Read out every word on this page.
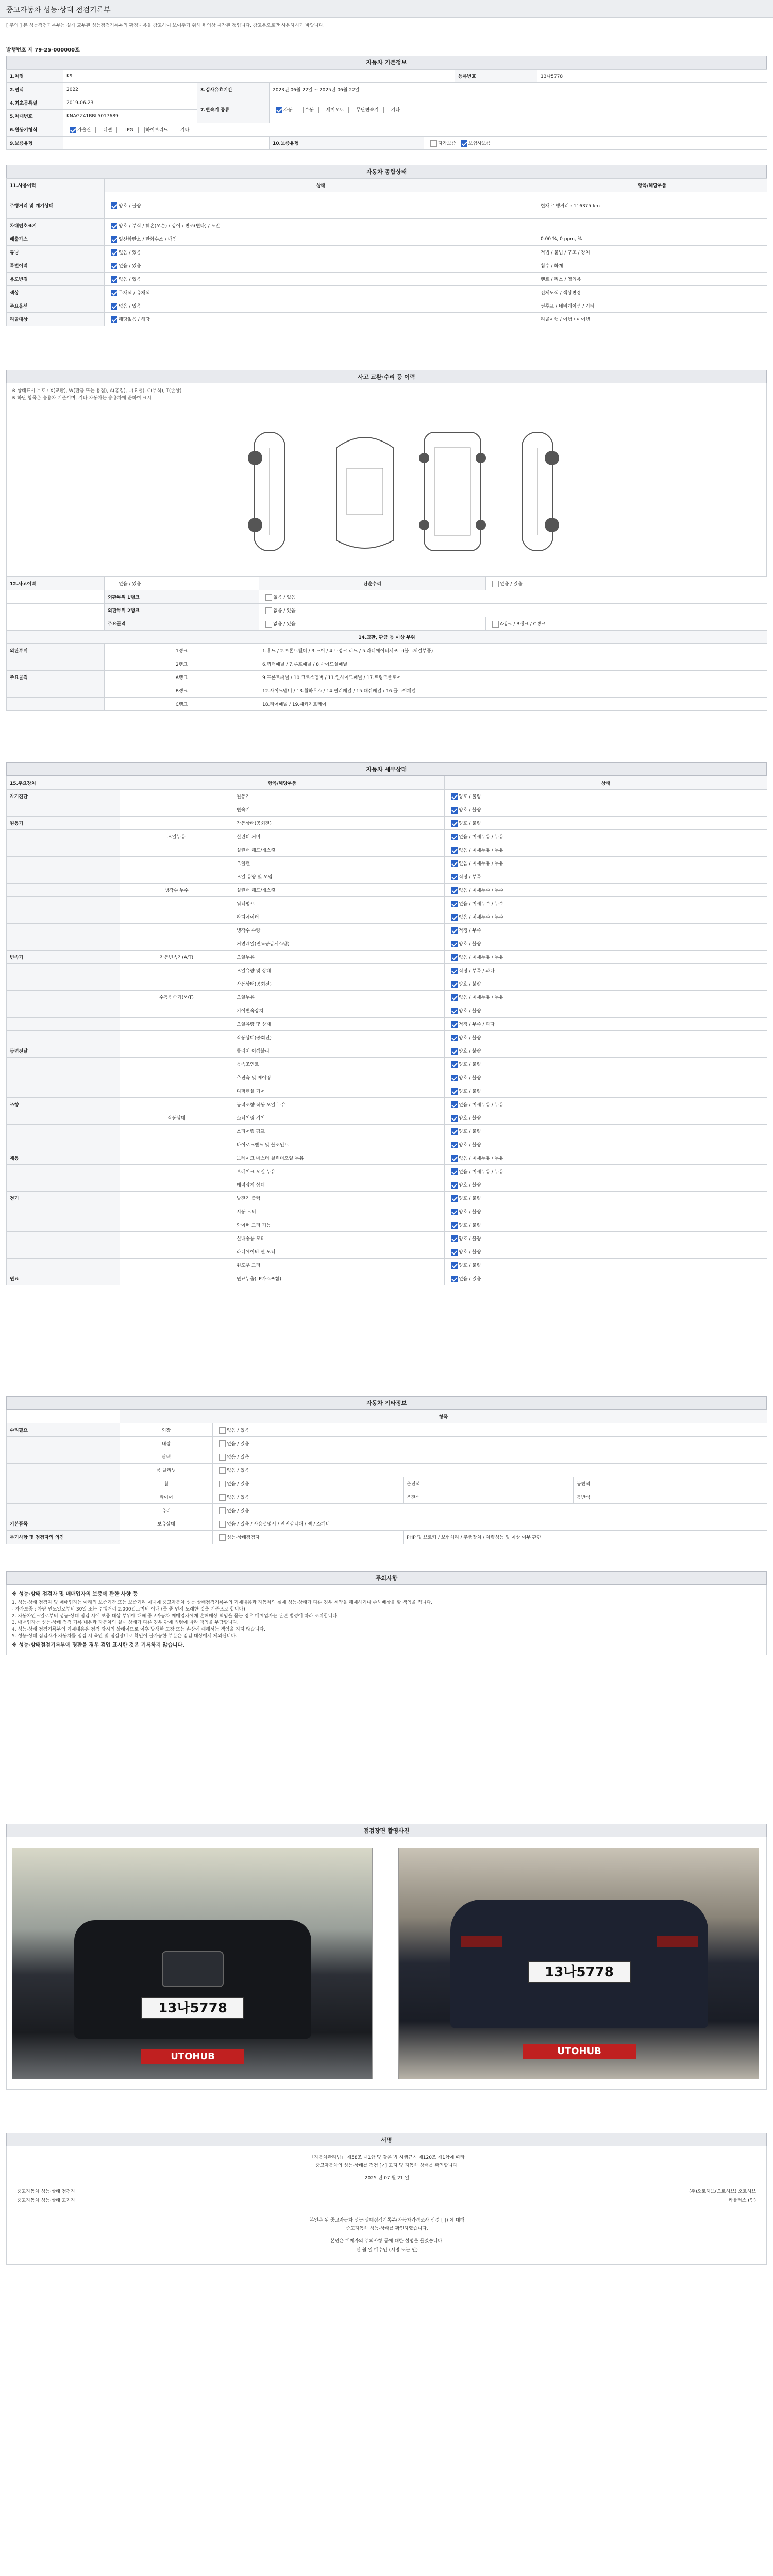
중고자동차 성능·상태 점검기록부
[ 주의 ] 본 성능점검기록부는 실제 교부된 성능점검기록부의 확정내용을 참고하여 보여주기 위해 편의상 제작된 것입니다. 참고용으로만 사용하시기 바랍니다.
발행번호 제 79-25-000000호
자동차 기본정보
1.차명	K9				등록번호	13나5778
2.연식	2022	3.검사유효기간	2023년 06월 22일 ~ 2025년 06월 22일			
4.최초등록일	2019-06-23	7.변속기 종류	자동 수동 세미오토 무단변속기 기타			
5.차대번호	KNAGZ41BBL5017689					
6.원동기형식	가솔린 디젤 LPG 하이브리드 기타					
9.보증유형			10.보증유형	자가보증 보험사보증		
자동차 종합상태
11.사용이력	상태	항목/해당부품
주행거리 및 계기상태	양호 / 불량	현재 주행거리 : 116375 km
차대번호표기	양호 / 부식 / 훼손(오손) / 상이 / 변조(변타) / 도말	
배출가스	일산화탄소 / 탄화수소 / 매연	0.00 %, 0 ppm, %
튜닝	없음 / 있음	적법 / 불법 / 구조 / 장치
특별이력	없음 / 있음	침수 / 화재
용도변경	없음 / 있음	렌트 / 리스 / 영업용
색상	무채색 / 유채색	전체도색 / 색상변경
주요옵션	없음 / 있음	썬루프 / 네비게이션 / 기타
리콜대상	해당없음 / 해당	리콜이행 / 이행 / 미이행
사고 교환·수리 등 이력
※ 상태표시 부호 : X(교환), W(판금 또는 용접), A(흠집), U(요철), C(부식), T(손상)
※ 하단 항목은 승용차 기준이며, 기타 자동차는 승용차에 준하여 표시
12.사고이력	없음 / 있음	단순수리	없음 / 있음
	외판부위 1랭크	없음 / 있음	
	외판부위 2랭크	없음 / 있음	
	주요골격	없음 / 있음	A랭크 / B랭크 / C랭크
14.교환, 판금 등 이상 부위			
외판부위	1랭크	1.후드 / 2.프론트휀더 / 3.도어 / 4.트렁크 리드 / 5.라디에이터서포트(볼트체결부품)	
	2랭크	6.쿼터패널 / 7.루프패널 / 8.사이드실패널	
주요골격	A랭크	9.프론트패널 / 10.크로스멤버 / 11.인사이드패널 / 17.트렁크플로어	
	B랭크	12.사이드멤버 / 13.휠하우스 / 14.필러패널 / 15.대쉬패널 / 16.플로어패널	
	C랭크	18.리어패널 / 19.패키지트레이	
자동차 세부상태
15.주요장치	항목/해당부품		상태
자기진단		원동기	양호 / 불량
		변속기	양호 / 불량
원동기		작동상태(공회전)	양호 / 불량
	오일누유	실린더 커버	없음 / 미세누유 / 누유
		실린더 헤드/개스킷	없음 / 미세누유 / 누유
		오일팬	없음 / 미세누유 / 누유
		오일 유량 및 오염	적정 / 부족
	냉각수 누수	실린더 헤드/개스킷	없음 / 미세누수 / 누수
		워터펌프	없음 / 미세누수 / 누수
		라디에이터	없음 / 미세누수 / 누수
		냉각수 수량	적정 / 부족
		커먼레일(연료공급시스템)	양호 / 불량
변속기	자동변속기(A/T)	오일누유	없음 / 미세누유 / 누유
		오일유량 및 상태	적정 / 부족 / 과다
		작동상태(공회전)	양호 / 불량
	수동변속기(M/T)	오일누유	없음 / 미세누유 / 누유
		기어변속장치	양호 / 불량
		오일유량 및 상태	적정 / 부족 / 과다
		작동상태(공회전)	양호 / 불량
동력전달		클러치 어셈블리	양호 / 불량
		등속조인트	양호 / 불량
		추진축 및 베어링	양호 / 불량
		디퍼렌셜 기어	양호 / 불량
조향		동력조향 작동 오일 누유	없음 / 미세누유 / 누유
	작동상태	스티어링 기어	양호 / 불량
		스티어링 펌프	양호 / 불량
		타이로드엔드 및 볼조인트	양호 / 불량
제동		브레이크 마스터 실린더오일 누유	없음 / 미세누유 / 누유
		브레이크 오일 누유	없음 / 미세누유 / 누유
		배력장치 상태	양호 / 불량
전기		발전기 출력	양호 / 불량
		시동 모터	양호 / 불량
		와이퍼 모터 기능	양호 / 불량
		실내송풍 모터	양호 / 불량
		라디에이터 팬 모터	양호 / 불량
		윈도우 모터	양호 / 불량
연료		연료누출(LP가스포함)	없음 / 있음
자동차 기타정보
	항목			
수리필요	외장	없음 / 있음		
	내장	없음 / 있음		
	광택	없음 / 있음		
	룸 클리닝	없음 / 있음		
	휠	없음 / 있음	운전석	동반석
	타이어	없음 / 있음	운전석	동반석
	유리	없음 / 있음		
기본품목	보유상태	없음 / 있음 / 사용설명서 / 안전삼각대 / 잭 / 스패너		
특기사항 및 점검자의 의견		성능·상태점검자	PHP 및 브로커 / 보험처리 / 주행장치 / 차량성능 및 이상 여부 판단	
주의사항
※ 성능·상태 점검자 및 매매업자의 보증에 관한 사항 등
1. 성능·상태 점검자 및 매매업자는 아래의 보증기간 또는 보증거리 이내에 중고자동차 성능·상태점검기록부의 기재내용과 자동차의 실제 성능·상태가 다른 경우 계약을 해제하거나 손해배상을 할 책임을 집니다.
- 자가보증 : 차량 인도일로부터 30일 또는 주행거리 2,000킬로미터 이내 (둘 중 먼저 도래한 것을 기준으로 합니다)
2. 자동차인도일로부터 성능·상태 점검 시에 보증 대상 부위에 대해 중고자동차 매매업자에게 손해배상 책임을 묻는 경우 매매업자는 관련 법령에 따라 조치합니다.
3. 매매업자는 성능·상태 점검 기록 내용과 자동차의 실제 상태가 다른 경우 관계 법령에 따라 책임을 부담합니다.
4. 성능·상태 점검기록부의 기재내용은 점검 당시의 상태이므로 이후 발생한 고장 또는 손상에 대해서는 책임을 지지 않습니다.
5. 성능·상태 점검자가 자동차를 점검 시 육안 및 점검장비로 확인이 불가능한 부분은 점검 대상에서 제외됩니다.
※ 성능·상태점검기록부에 명판을 경우 검업 표시한 것은 기록하지 않습니다.
점검장면 촬영사진
13나5778
UTOHUB
13나5778
UTOHUB
서명
「자동차관리법」 제58조 제1항 및 같은 법 시행규칙 제120조 제1항에 따라
중고자동차의 성능·상태를 점검 [✓] 고지 및 자동차 상태를 확인합니다.
2025 년 07 월 21 일
중고자동차 성능·상태 점검자	(주)오토허브(오토허브) 오토허브
중고자동차 성능·상태 고지자	카플러스 (인)
본인은 위 중고자동차 성능·상태점검기록부(자동차가격조사 산정 [ ]) 에 대해
중고자동차 성능·상태를 확인하였습니다.
본인은 매매자의 주의사항 등에 대한 설명을 들었습니다.
년 월 일 매수인 (서명 또는 인)
